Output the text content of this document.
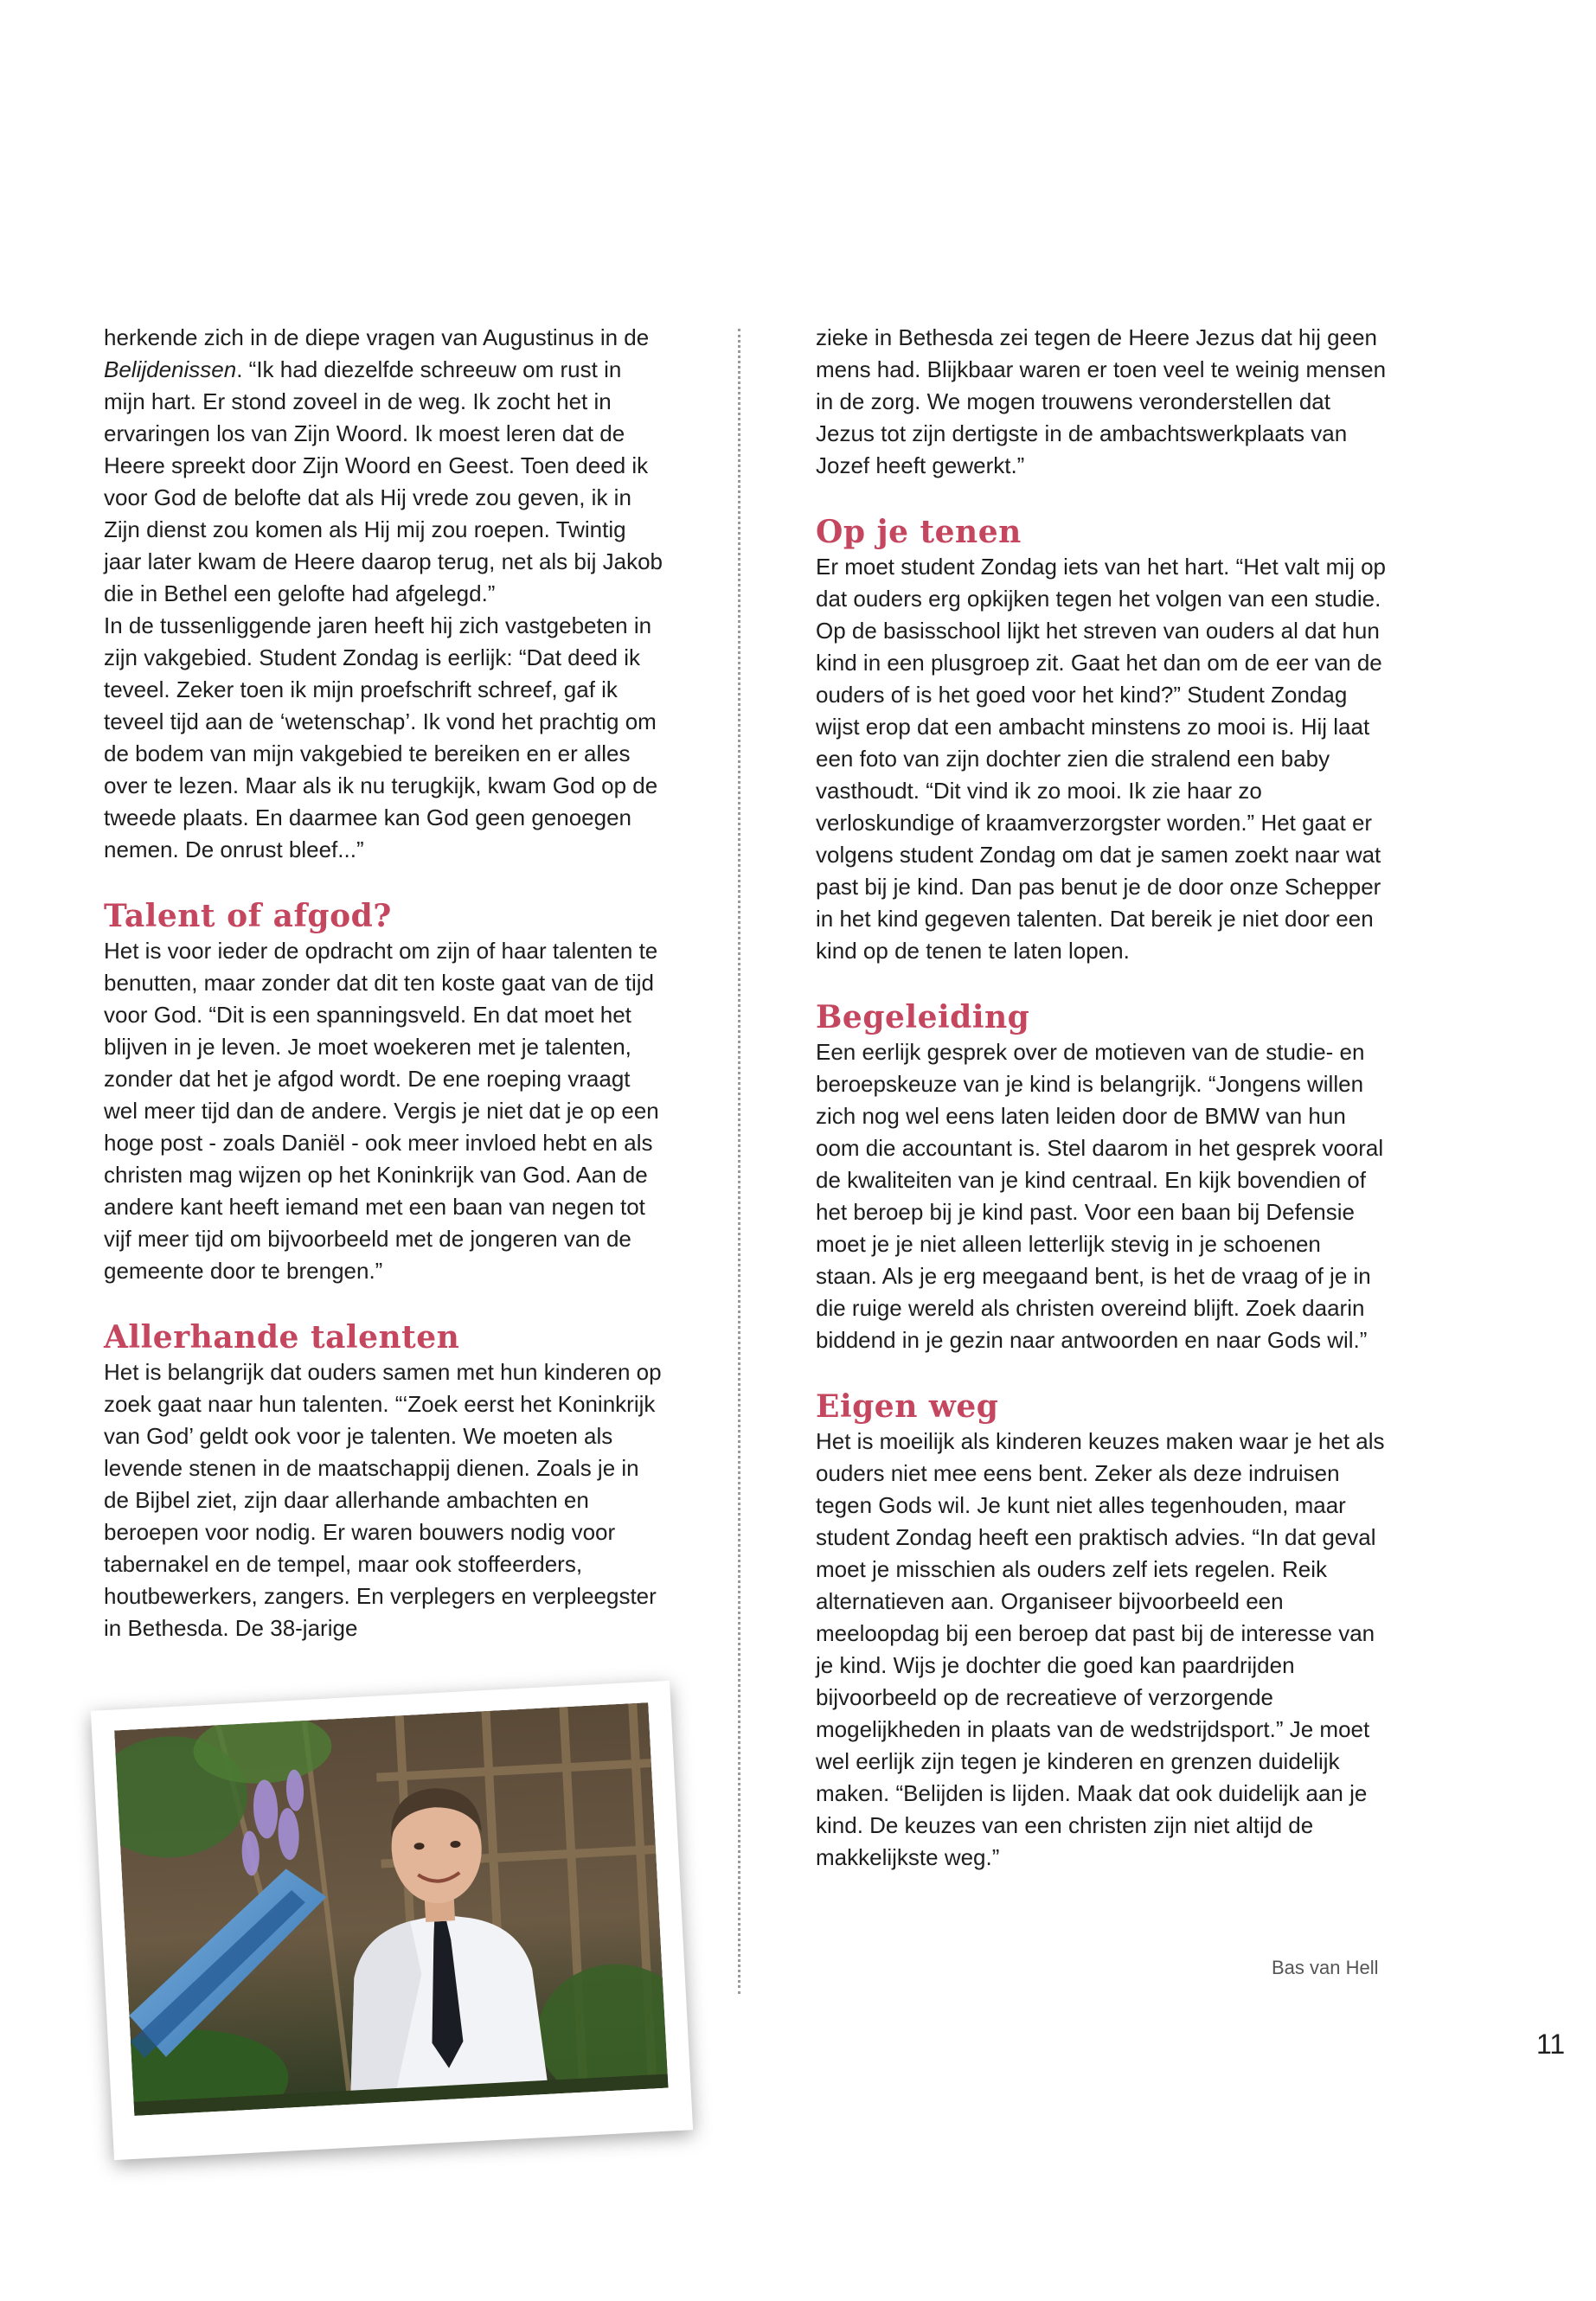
herkende zich in de diepe vragen van Augustinus in de Belijdenissen. “Ik had diezelfde schreeuw om rust in mijn hart. Er stond zoveel in de weg. Ik zocht het in ervaringen los van Zijn Woord. Ik moest leren dat de Heere spreekt door Zijn Woord en Geest. Toen deed ik voor God de belofte dat als Hij vrede zou geven, ik in Zijn dienst zou komen als Hij mij zou roepen. Twintig jaar later kwam de Heere daarop terug, net als bij Jakob die in Bethel een gelofte had afgelegd.”

In de tussenliggende jaren heeft hij zich vastgebeten in zijn vakgebied. Student Zondag is eerlijk: “Dat deed ik teveel. Zeker toen ik mijn proefschrift schreef, gaf ik teveel tijd aan de ‘wetenschap’. Ik vond het prachtig om de bodem van mijn vakgebied te bereiken en er alles over te lezen. Maar als ik nu terugkijk, kwam God op de tweede plaats. En daarmee kan God geen genoegen nemen. De onrust bleef...”

Talent of afgod?

Het is voor ieder de opdracht om zijn of haar talenten te benutten, maar zonder dat dit ten koste gaat van de tijd voor God. “Dit is een spanningsveld. En dat moet het blijven in je leven. Je moet woekeren met je talenten, zonder dat het je afgod wordt. De ene roeping vraagt wel meer tijd dan de andere. Vergis je niet dat je op een hoge post - zoals Daniël - ook meer invloed hebt en als christen mag wijzen op het Koninkrijk van God. Aan de andere kant heeft iemand met een baan van negen tot vijf meer tijd om bijvoorbeeld met de jongeren van de gemeente door te brengen.”

Allerhande talenten

Het is belangrijk dat ouders samen met hun kinderen op zoek gaat naar hun talenten. “‘Zoek eerst het Koninkrijk van God’ geldt ook voor je talenten. We moeten als levende stenen in de maatschappij dienen. Zoals je in de Bijbel ziet, zijn daar allerhande ambachten en beroepen voor nodig. Er waren bouwers nodig voor tabernakel en de tempel, maar ook stoffeerders, houtbewerkers, zangers. En verplegers en verpleegster in Bethesda. De 38-jarige

zieke in Bethesda zei tegen de Heere Jezus dat hij geen mens had. Blijkbaar waren er toen veel te weinig mensen in de zorg. We mogen trouwens veronderstellen dat Jezus tot zijn dertigste in de ambachtswerkplaats van Jozef heeft gewerkt.”

Op je tenen

Er moet student Zondag iets van het hart. “Het valt mij op dat ouders erg opkijken tegen het volgen van een studie. Op de basisschool lijkt het streven van ouders al dat hun kind in een plusgroep zit. Gaat het dan om de eer van de ouders of is het goed voor het kind?” Student Zondag wijst erop dat een ambacht minstens zo mooi is. Hij laat een foto van zijn dochter zien die stralend een baby vasthoudt. “Dit vind ik zo mooi. Ik zie haar zo verloskundige of kraamverzorgster worden.” Het gaat er volgens student Zondag om dat je samen zoekt naar wat past bij je kind. Dan pas benut je de door onze Schepper in het kind gegeven talenten. Dat bereik je niet door een kind op de tenen te laten lopen.

Begeleiding

Een eerlijk gesprek over de motieven van de studie- en beroepskeuze van je kind is belangrijk. “Jongens willen zich nog wel eens laten leiden door de BMW van hun oom die accountant is. Stel daarom in het gesprek vooral de kwaliteiten van je kind centraal. En kijk bovendien of het beroep bij je kind past. Voor een baan bij Defensie moet je je niet alleen letterlijk stevig in je schoenen staan. Als je erg meegaand bent, is het de vraag of je in die ruige wereld als christen overeind blijft. Zoek daarin biddend in je gezin naar antwoorden en naar Gods wil.”

Eigen weg

Het is moeilijk als kinderen keuzes maken waar je het als ouders niet mee eens bent. Zeker als deze indruisen tegen Gods wil. Je kunt niet alles tegenhouden, maar student Zondag heeft een praktisch advies. “In dat geval moet je misschien als ouders zelf iets regelen. Reik alternatieven aan. Organiseer bijvoorbeeld een meeloopdag bij een beroep dat past bij de interesse van je kind. Wijs je dochter die goed kan paardrijden bijvoorbeeld op de recreatieve of verzorgende mogelijkheden in plaats van de wedstrijdsport.” Je moet wel eerlijk zijn tegen je kinderen en grenzen duidelijk maken. “Belijden is lijden. Maak dat ook duidelijk aan je kind. De keuzes van een christen zijn niet altijd de makkelijkste weg.”

Bas van Hell
11
